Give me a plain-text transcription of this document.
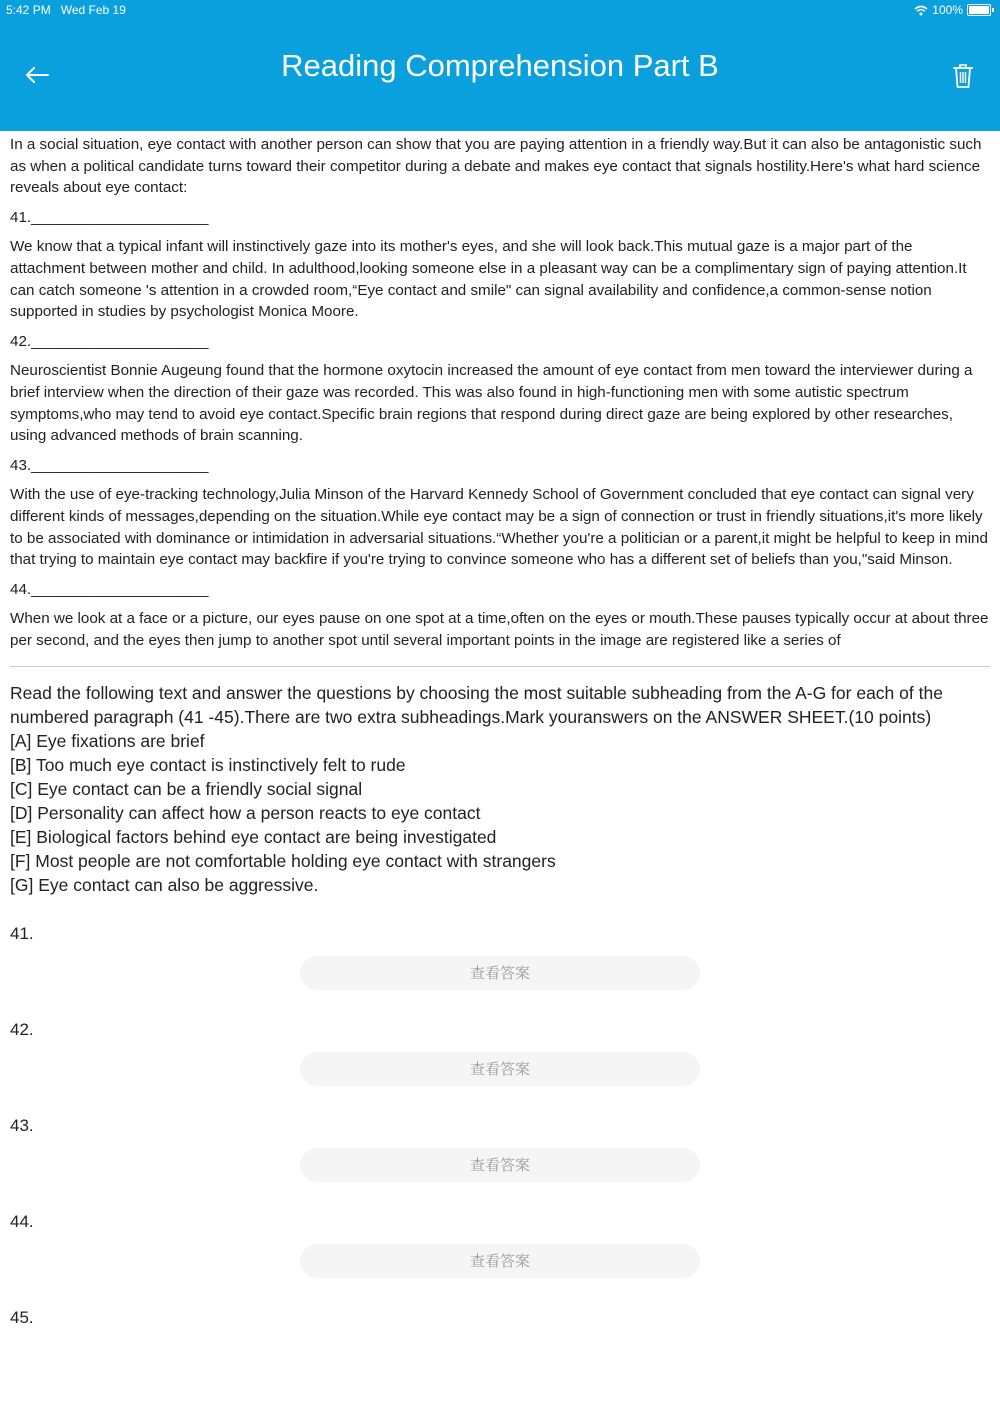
5:42 PM Wed Feb 19	100%
Reading Comprehension Part B

In a social situation, eye contact with another person can show that you are paying attention in a friendly way.But it can also be antagonistic such as when a political candidate turns toward their competitor during a debate and makes eye contact that signals hostility.Here's what hard science reveals about eye contact:

41._____________________

We know that a typical infant will instinctively gaze into its mother's eyes, and she will look back.This mutual gaze is a major part of the attachment between mother and child. In adulthood,looking someone else in a pleasant way can be a complimentary sign of paying attention.It can catch someone 's attention in a crowded room,“Eye contact and smile" can signal availability and confidence,a common-sense notion supported in studies by psychologist Monica Moore.

42._____________________

Neuroscientist Bonnie Augeung found that the hormone oxytocin increased the amount of eye contact from men toward the interviewer during a brief interview when the direction of their gaze was recorded. This was also found in high-functioning men with some autistic spectrum symptoms,who may tend to avoid eye contact.Specific brain regions that respond during direct gaze are being explored by other researches, using advanced methods of brain scanning.

43._____________________

With the use of eye-tracking technology,Julia Minson of the Harvard Kennedy School of Government concluded that eye contact can signal very different kinds of messages,depending on the situation.While eye contact may be a sign of connection or trust in friendly situations,it's more likely to be associated with dominance or intimidation in adversarial situations.“Whether you're a politician or a parent,it might be helpful to keep in mind that trying to maintain eye contact may backfire if you're trying to convince someone who has a different set of beliefs than you,"said Minson.

44._____________________

When we look at a face or a picture, our eyes pause on one spot at a time,often on the eyes or mouth.These pauses typically occur at about three per second, and the eyes then jump to another spot until several important points in the image are registered like a series of

Read the following text and answer the questions by choosing the most suitable subheading from the A-G for each of the numbered paragraph (41 -45).There are two extra subheadings.Mark youranswers on the ANSWER SHEET.(10 points)

[A] Eye fixations are brief
[B] Too much eye contact is instinctively felt to rude
[C] Eye contact can be a friendly social signal
[D] Personality can affect how a person reacts to eye contact
[E] Biological factors behind eye contact are being investigated
[F] Most people are not comfortable holding eye contact with strangers
[G] Eye contact can also be aggressive.
41.
查看答案
42.
查看答案
43.
查看答案
44.
查看答案
45.
